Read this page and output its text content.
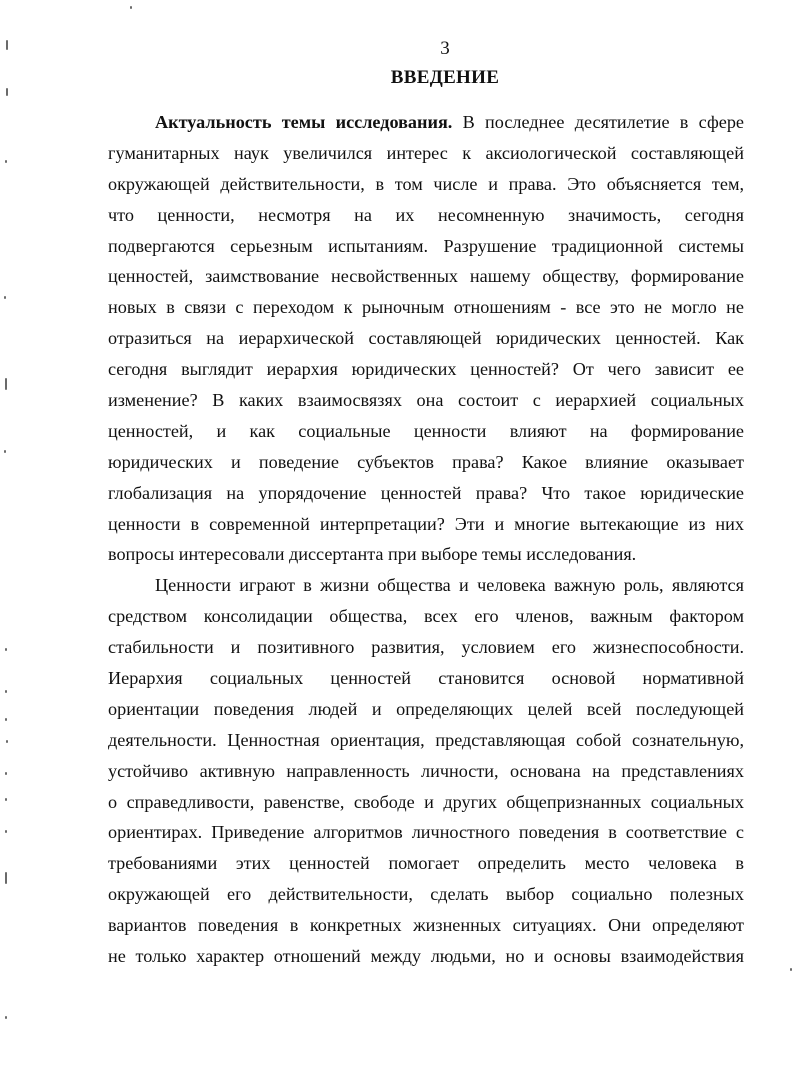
3
ВВЕДЕНИЕ

Актуальность темы исследования. В последнее десятилетие в сфере
гуманитарных наук увеличился интерес к аксиологической составляющей
окружающей действительности, в том числе и права. Это объясняется тем,
что ценности, несмотря на их несомненную значимость, сегодня
подвергаются серьезным испытаниям. Разрушение традиционной системы
ценностей, заимствование несвойственных нашему обществу, формирование
новых в связи с переходом к рыночным отношениям - все это не могло не
отразиться на иерархической составляющей юридических ценностей. Как
сегодня выглядит иерархия юридических ценностей? От чего зависит ее
изменение? В каких взаимосвязях она состоит с иерархией социальных
ценностей, и как социальные ценности влияют на формирование
юридических и поведение субъектов права? Какое влияние оказывает
глобализация на упорядочение ценностей права? Что такое юридические
ценности в современной интерпретации? Эти и многие вытекающие из них
вопросы интересовали диссертанта при выборе темы исследования.

Ценности играют в жизни общества и человека важную роль, являются
средством консолидации общества, всех его членов, важным фактором
стабильности и позитивного развития, условием его жизнеспособности.
Иерархия социальных ценностей становится основой нормативной
ориентации поведения людей и определяющих целей всей последующей
деятельности. Ценностная ориентация, представляющая собой сознательную,
устойчиво активную направленность личности, основана на представлениях
о справедливости, равенстве, свободе и других общепризнанных социальных
ориентирах. Приведение алгоритмов личностного поведения в соответствие с
требованиями этих ценностей помогает определить место человека в
окружающей его действительности, сделать выбор социально полезных
вариантов поведения в конкретных жизненных ситуациях. Они определяют
не только характер отношений между людьми, но и основы взаимодействия
